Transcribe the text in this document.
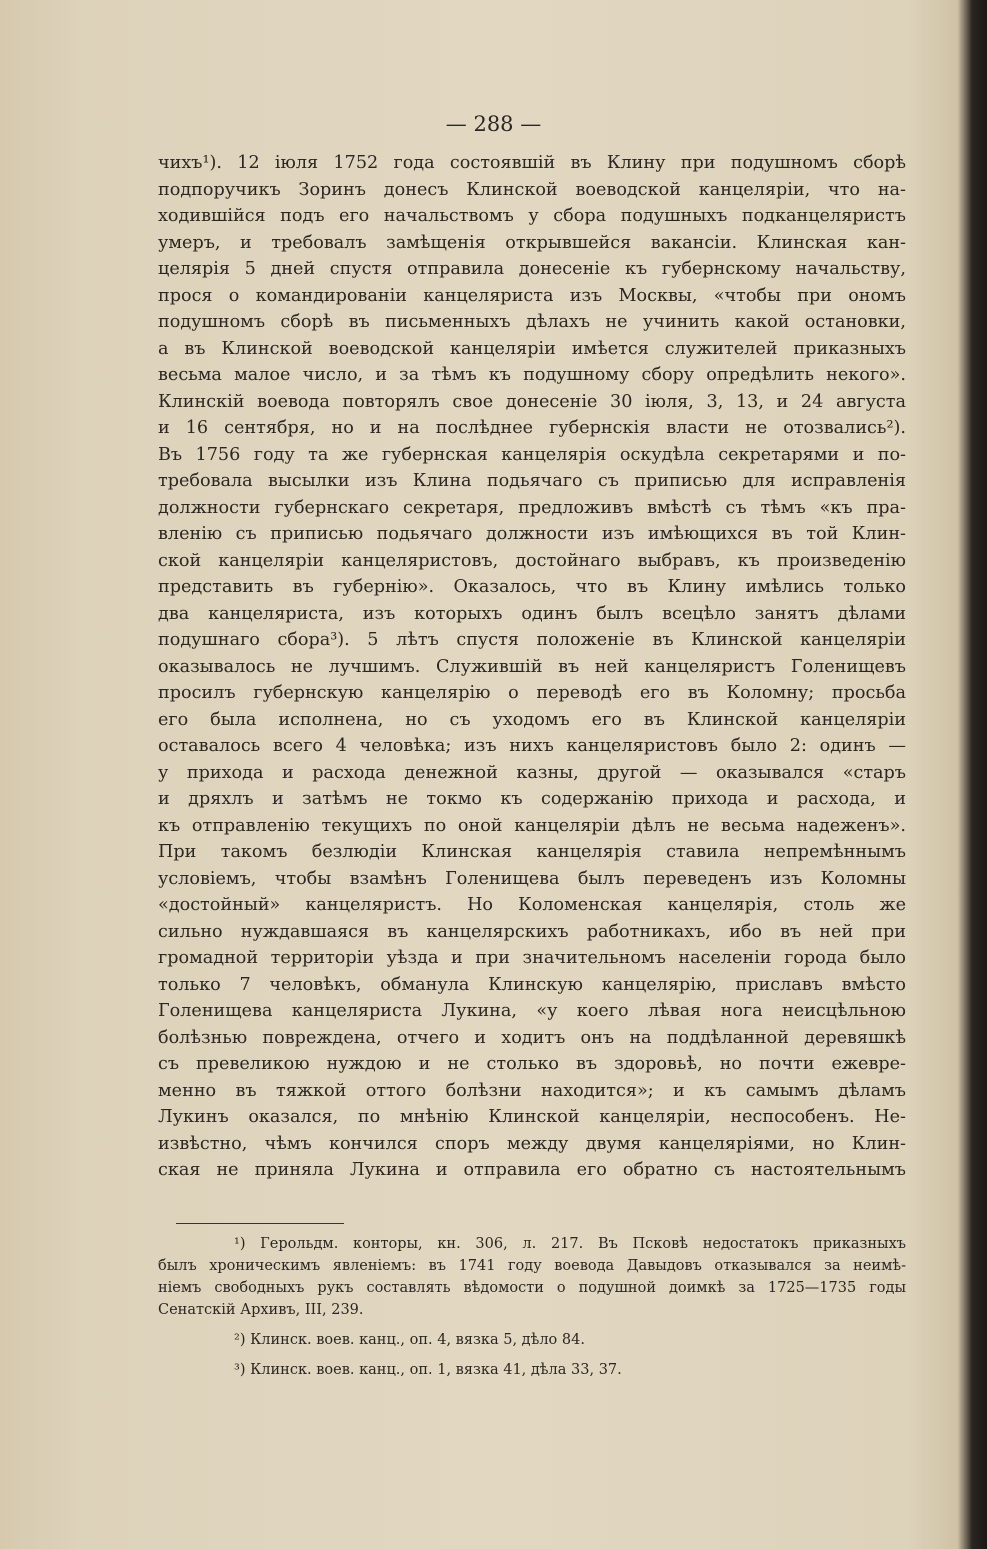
— 288 —
чихъ¹). 12 іюля 1752 года состоявшій въ Клину при подушномъ сборѣ
подпоручикъ Зоринъ донесъ Клинской воеводской канцеляріи, что на-
ходившійся подъ его начальствомъ у сбора подушныхъ подканцеляристъ
умеръ, и требовалъ замѣщенія открывшейся вакансіи. Клинская кан-
целярія 5 дней спустя отправила донесеніе къ губернскому начальству,
прося о командированіи канцеляриста изъ Москвы, «чтобы при ономъ
подушномъ сборѣ въ письменныхъ дѣлахъ не учинить какой остановки,
а въ Клинской воеводской канцеляріи имѣется служителей приказныхъ
весьма малое число, и за тѣмъ къ подушному сбору опредѣлить некого».
Клинскій воевода повторялъ свое донесеніе 30 іюля, 3, 13, и 24 августа
и 16 сентября, но и на послѣднее губернскія власти не отозвались²).
Въ 1756 году та же губернская канцелярія оскудѣла секретарями и по-
требовала высылки изъ Клина подьячаго съ приписью для исправленія
должности губернскаго секретаря, предложивъ вмѣстѣ съ тѣмъ «къ пра-
вленію съ приписью подьячаго должности изъ имѣющихся въ той Клин-
ской канцеляріи канцеляристовъ, достойнаго выбравъ, къ произведенію
представить въ губернію». Оказалось, что въ Клину имѣлись только
два канцеляриста, изъ которыхъ одинъ былъ всецѣло занятъ дѣлами
подушнаго сбора³). 5 лѣтъ спустя положеніе въ Клинской канцеляріи
оказывалось не лучшимъ. Служившій въ ней канцеляристъ Голенищевъ
просилъ губернскую канцелярію о переводѣ его въ Коломну; просьба
его была исполнена, но съ уходомъ его въ Клинской канцеляріи
оставалось всего 4 человѣка; изъ нихъ канцеляристовъ было 2: одинъ —
у прихода и расхода денежной казны, другой — оказывался «старъ
и дряхлъ и затѣмъ не токмо къ содержанію прихода и расхода, и
къ отправленію текущихъ по оной канцеляріи дѣлъ не весьма надеженъ».
При такомъ безлюдіи Клинская канцелярія ставила непремѣннымъ
условіемъ, чтобы взамѣнъ Голенищева былъ переведенъ изъ Коломны
«достойный» канцеляристъ. Но Коломенская канцелярія, столь же
сильно нуждавшаяся въ канцелярскихъ работникахъ, ибо въ ней при
громадной территоріи уѣзда и при значительномъ населеніи города было
только 7 человѣкъ, обманула Клинскую канцелярію, приславъ вмѣсто
Голенищева канцеляриста Лукина, «у коего лѣвая нога неисцѣльною
болѣзнью повреждена, отчего и ходитъ онъ на поддѣланной деревяшкѣ
съ превеликою нуждою и не столько въ здоровьѣ, но почти ежевре-
менно въ тяжкой оттого болѣзни находится»; и къ самымъ дѣламъ
Лукинъ оказался, по мнѣнію Клинской канцеляріи, неспособенъ. Не-
извѣстно, чѣмъ кончился споръ между двумя канцеляріями, но Клин-
ская не приняла Лукина и отправила его обратно съ настоятельнымъ
¹) Герольдм. конторы, кн. 306, л. 217. Въ Псковѣ недостатокъ приказныхъ
былъ хроническимъ явленіемъ: въ 1741 году воевода Давыдовъ отказывался за неимѣ-
ніемъ свободныхъ рукъ составлять вѣдомости о подушной доимкѣ за 1725—1735 годы
Сенатскій Архивъ, III, 239.
²) Клинск. воев. канц., оп. 4, вязка 5, дѣло 84.
³) Клинск. воев. канц., оп. 1, вязка 41, дѣла 33, 37.
